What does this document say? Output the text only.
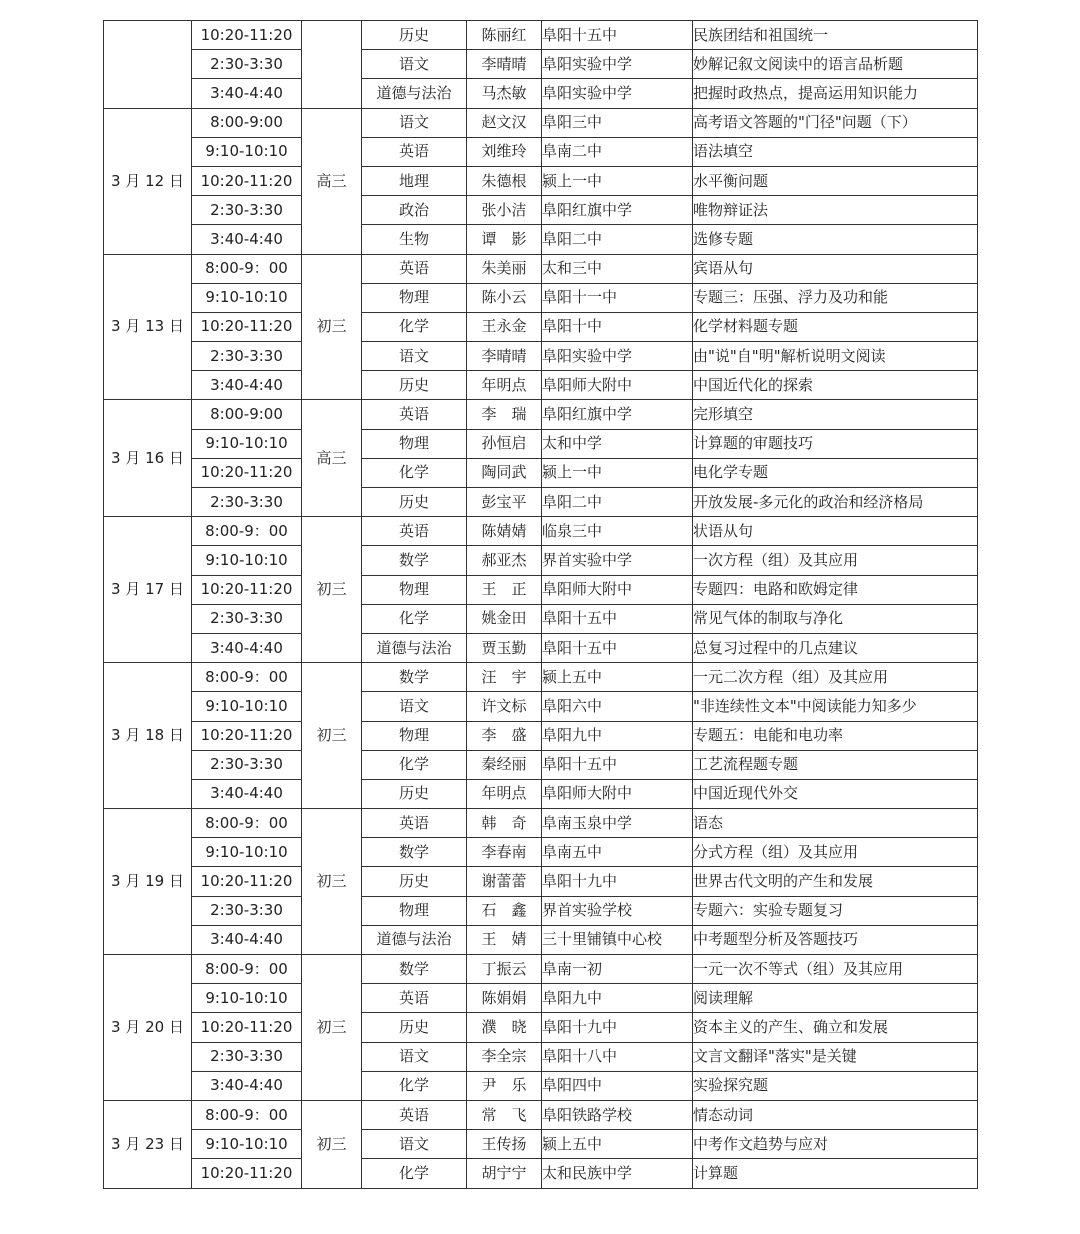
	10:20-11:20		历史	陈丽红	阜阳十五中	民族团结和祖国统一
	2:30-3:30		语文	李晴晴	阜阳实验中学	妙解记叙文阅读中的语言品析题
	3:40-4:40		道德与法治	马杰敏	阜阳实验中学	把握时政热点，提高运用知识能力
3 月 12 日	8:00-9:00	高三	语文	赵文汉	阜阳三中	高考语文答题的"门径"问题（下）
	9:10-10:10		英语	刘维玲	阜南二中	语法填空
	10:20-11:20		地理	朱德根	颍上一中	水平衡问题
	2:30-3:30		政治	张小洁	阜阳红旗中学	唯物辩证法
	3:40-4:40		生物	谭　影	阜阳二中	选修专题
3 月 13 日	8:00-9：00	初三	英语	朱美丽	太和三中	宾语从句
	9:10-10:10		物理	陈小云	阜阳十一中	专题三：压强、浮力及功和能
	10:20-11:20		化学	王永金	阜阳十中	化学材料题专题
	2:30-3:30		语文	李晴晴	阜阳实验中学	由"说"自"明"解析说明文阅读
	3:40-4:40		历史	年明点	阜阳师大附中	中国近代化的探索
3 月 16 日	8:00-9:00	高三	英语	李　瑞	阜阳红旗中学	完形填空
	9:10-10:10		物理	孙恒启	太和中学	计算题的审题技巧
	10:20-11:20		化学	陶同武	颍上一中	电化学专题
	2:30-3:30		历史	彭宝平	阜阳二中	开放发展-多元化的政治和经济格局
3 月 17 日	8:00-9：00	初三	英语	陈婧婧	临泉三中	状语从句
	9:10-10:10		数学	郝亚杰	界首实验中学	一次方程（组）及其应用
	10:20-11:20		物理	王　正	阜阳师大附中	专题四：电路和欧姆定律
	2:30-3:30		化学	姚金田	阜阳十五中	常见气体的制取与净化
	3:40-4:40		道德与法治	贾玉勤	阜阳十五中	总复习过程中的几点建议
3 月 18 日	8:00-9：00	初三	数学	汪　宇	颍上五中	一元二次方程（组）及其应用
	9:10-10:10		语文	许文标	阜阳六中	"非连续性文本"中阅读能力知多少
	10:20-11:20		物理	李　盛	阜阳九中	专题五：电能和电功率
	2:30-3:30		化学	秦经丽	阜阳十五中	工艺流程题专题
	3:40-4:40		历史	年明点	阜阳师大附中	中国近现代外交
3 月 19 日	8:00-9：00	初三	英语	韩　奇	阜南玉泉中学	语态
	9:10-10:10		数学	李春南	阜南五中	分式方程（组）及其应用
	10:20-11:20		历史	谢蕾蕾	阜阳十九中	世界古代文明的产生和发展
	2:30-3:30		物理	石　鑫	界首实验学校	专题六：实验专题复习
	3:40-4:40		道德与法治	王　婧	三十里铺镇中心校	中考题型分析及答题技巧
3 月 20 日	8:00-9：00	初三	数学	丁振云	阜南一初	一元一次不等式（组）及其应用
	9:10-10:10		英语	陈娟娟	阜阳九中	阅读理解
	10:20-11:20		历史	濮　晓	阜阳十九中	资本主义的产生、确立和发展
	2:30-3:30		语文	李全宗	阜阳十八中	文言文翻译"落实"是关键
	3:40-4:40		化学	尹　乐	阜阳四中	实验探究题
3 月 23 日	8:00-9：00	初三	英语	常　飞	阜阳铁路学校	情态动词
	9:10-10:10		语文	王传扬	颍上五中	中考作文趋势与应对
	10:20-11:20		化学	胡宁宁	太和民族中学	计算题
